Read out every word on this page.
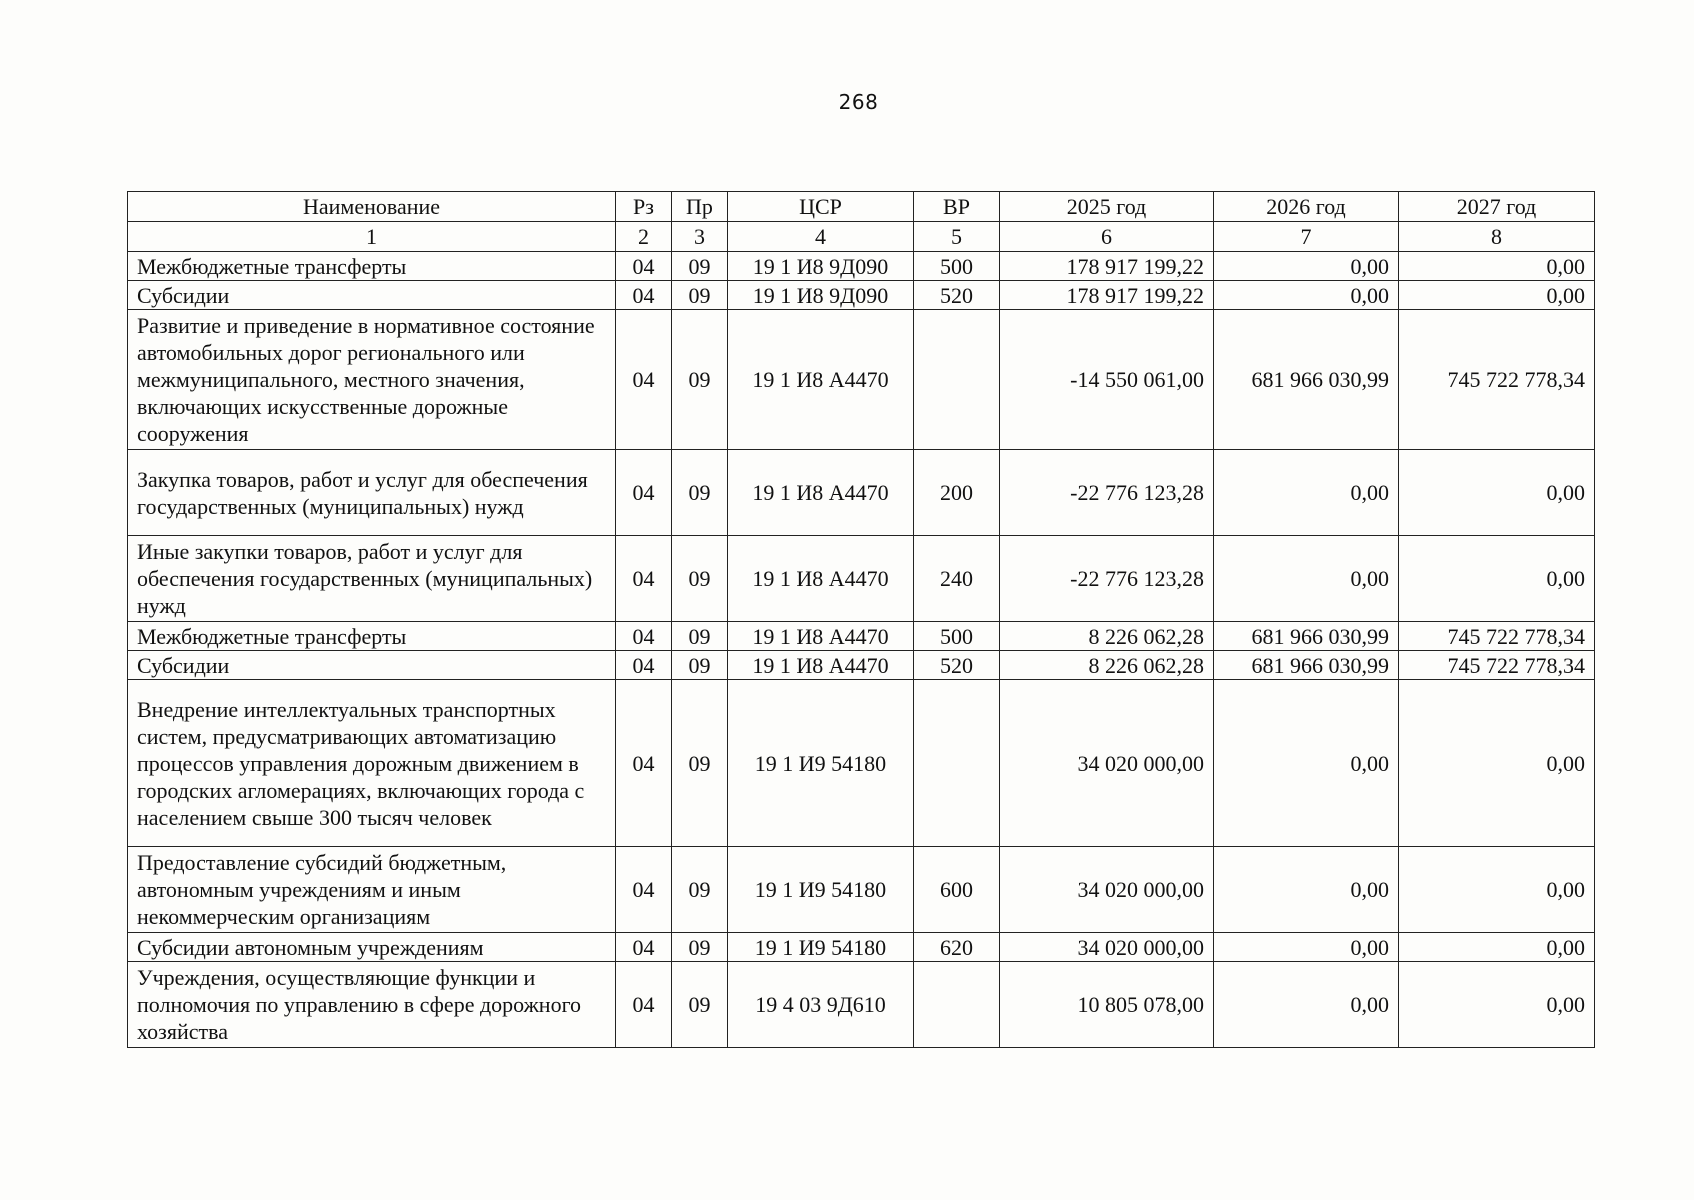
268
Наименование	Рз	Пр	ЦСР	ВР	2025 год	2026 год	2027 год
1	2	3	4	5	6	7	8
Межбюджетные трансферты	04	09	19 1 И8 9Д090	500	178 917 199,22	0,00	0,00
Субсидии	04	09	19 1 И8 9Д090	520	178 917 199,22	0,00	0,00
Развитие и приведение в нормативное состояние автомобильных дорог регионального или межмуниципального, местного значения, включающих искусственные дорожные сооружения	04	09	19 1 И8 А4470		-14 550 061,00	681 966 030,99	745 722 778,34
Закупка товаров, работ и услуг для обеспечения государственных (муниципальных) нужд	04	09	19 1 И8 А4470	200	-22 776 123,28	0,00	0,00
Иные закупки товаров, работ и услуг для обеспечения государственных (муниципальных) нужд	04	09	19 1 И8 А4470	240	-22 776 123,28	0,00	0,00
Межбюджетные трансферты	04	09	19 1 И8 А4470	500	8 226 062,28	681 966 030,99	745 722 778,34
Субсидии	04	09	19 1 И8 А4470	520	8 226 062,28	681 966 030,99	745 722 778,34
Внедрение интеллектуальных транспортных систем, предусматривающих автоматизацию процессов управления дорожным движением в городских агломерациях, включающих города с населением свыше 300 тысяч человек	04	09	19 1 И9 54180		34 020 000,00	0,00	0,00
Предоставление субсидий бюджетным, автономным учреждениям и иным некоммерческим организациям	04	09	19 1 И9 54180	600	34 020 000,00	0,00	0,00
Субсидии автономным учреждениям	04	09	19 1 И9 54180	620	34 020 000,00	0,00	0,00
Учреждения, осуществляющие функции и полномочия по управлению в сфере дорожного хозяйства	04	09	19 4 03 9Д610		10 805 078,00	0,00	0,00
